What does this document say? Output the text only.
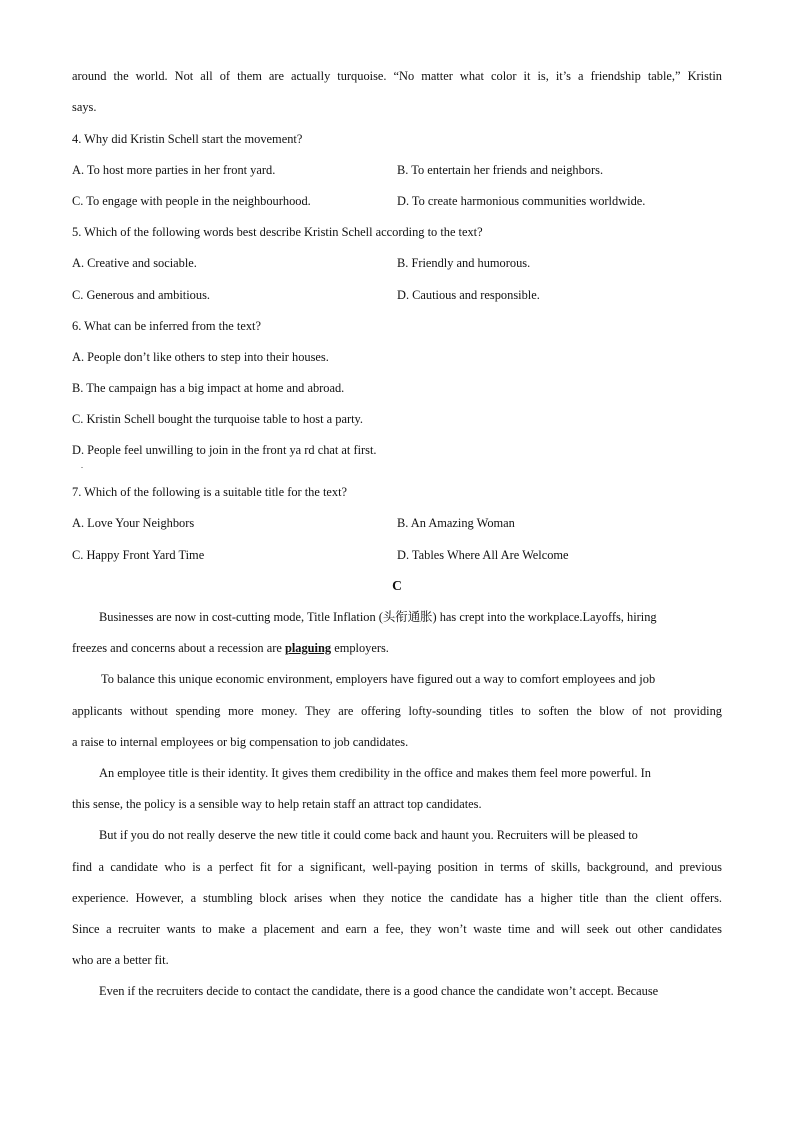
around the world. Not all of them are actually turquoise. “No matter what color it is, it’s a friendship table,” Kristin
says.
4. Why did Kristin Schell start the movement?
A. To host more parties in her front yard.	B. To entertain her friends and neighbors.
C. To engage with people in the neighbourhood.	D. To create harmonious communities worldwide.
5. Which of the following words best describe Kristin Schell according to the text?
A. Creative and sociable.	B. Friendly and humorous.
C. Generous and ambitious.	D. Cautious and responsible.
6. What can be inferred from the text?
A. People don’t like others to step into their houses.
B. The campaign has a big impact at home and abroad.
C. Kristin Schell bought the turquoise table to host a party.
D. People feel unwilling to join in the front ya rd chat at first.
.
7. Which of the following is a suitable title for the text?
A. Love Your Neighbors	B. An Amazing Woman
C. Happy Front Yard Time	D. Tables Where All Are Welcome
C
Businesses are now in cost-cutting mode, Title Inflation (头衔通胀) has crept into the workplace.Layoffs, hiring
freezes and concerns about a recession are plaguing employers.
To balance this unique economic environment, employers have figured out a way to comfort employees and job
applicants without spending more money. They are offering lofty-sounding titles to soften the blow of not providing
a raise to internal employees or big compensation to job candidates.
An employee title is their identity. It gives them credibility in the office and makes them feel more powerful. In
this sense, the policy is a sensible way to help retain staff an attract top candidates.
But if you do not really deserve the new title it could come back and haunt you. Recruiters will be pleased to
find a candidate who is a perfect fit for a significant, well-paying position in terms of skills, background, and previous
experience. However, a stumbling block arises when they notice the candidate has a higher title than the client offers.
Since a recruiter wants to make a placement and earn a fee, they won’t waste time and will seek out other candidates
who are a better fit.
Even if the recruiters decide to contact the candidate, there is a good chance the candidate won’t accept. Because
